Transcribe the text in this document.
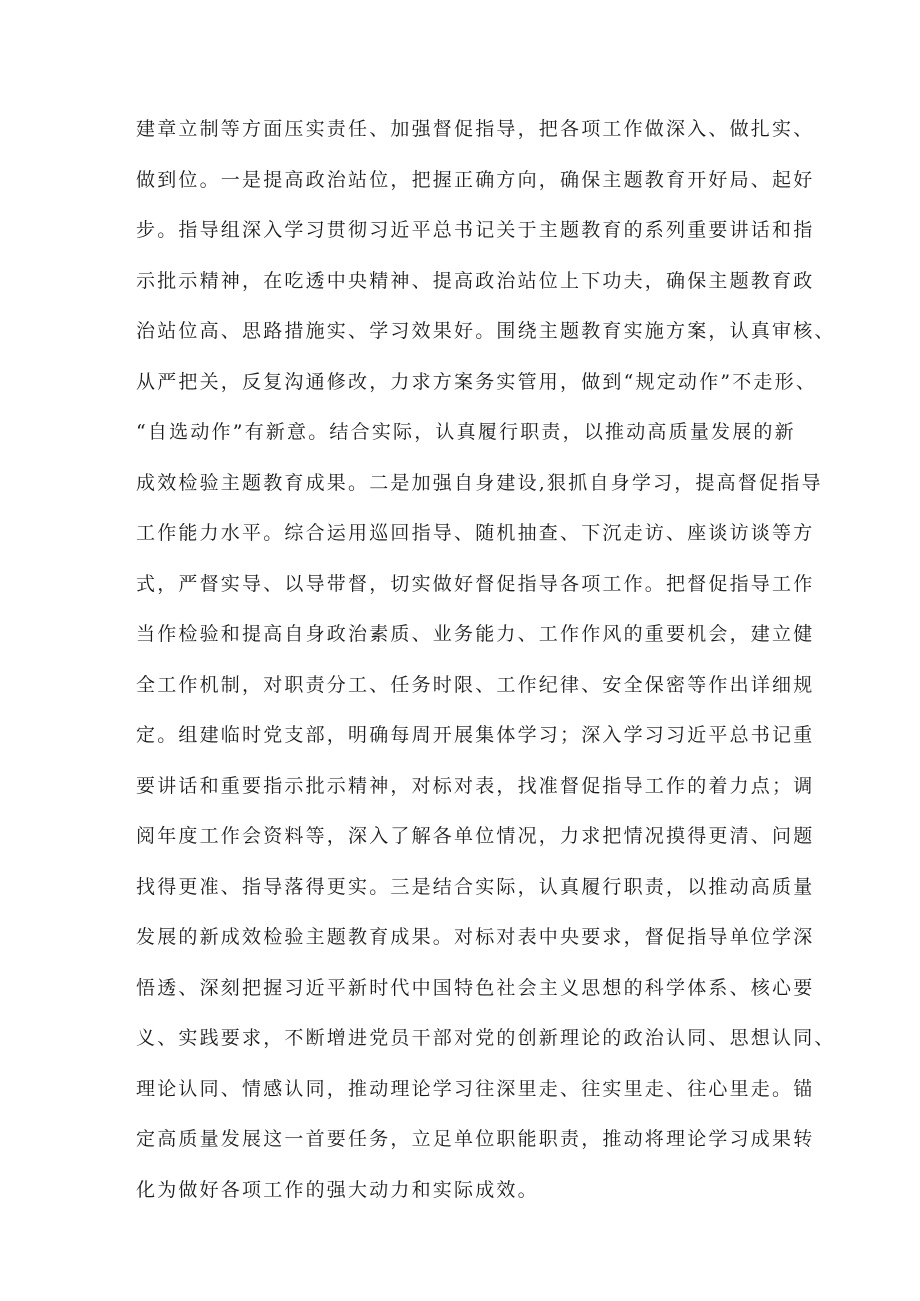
建章立制等方面压实责任、加强督促指导，把各项工作做深入、做扎实、
做到位。一是提高政治站位，把握正确方向，确保主题教育开好局、起好
步。指导组深入学习贯彻习近平总书记关于主题教育的系列重要讲话和指
示批示精神，在吃透中央精神、提高政治站位上下功夫，确保主题教育政
治站位高、思路措施实、学习效果好。围绕主题教育实施方案，认真审核、
从严把关，反复沟通修改，力求方案务实管用，做到“规定动作”不走形、
“自选动作”有新意。结合实际，认真履行职责，以推动高质量发展的新
成效检验主题教育成果。二是加强自身建设,狠抓自身学习，提高督促指导
工作能力水平。综合运用巡回指导、随机抽查、下沉走访、座谈访谈等方
式，严督实导、以导带督，切实做好督促指导各项工作。把督促指导工作
当作检验和提高自身政治素质、业务能力、工作作风的重要机会，建立健
全工作机制，对职责分工、任务时限、工作纪律、安全保密等作出详细规
定。组建临时党支部，明确每周开展集体学习；深入学习习近平总书记重
要讲话和重要指示批示精神，对标对表，找准督促指导工作的着力点；调
阅年度工作会资料等，深入了解各单位情况，力求把情况摸得更清、问题
找得更准、指导落得更实。三是结合实际，认真履行职责，以推动高质量
发展的新成效检验主题教育成果。对标对表中央要求，督促指导单位学深
悟透、深刻把握习近平新时代中国特色社会主义思想的科学体系、核心要
义、实践要求，不断增进党员干部对党的创新理论的政治认同、思想认同、
理论认同、情感认同，推动理论学习往深里走、往实里走、往心里走。锚
定高质量发展这一首要任务，立足单位职能职责，推动将理论学习成果转
化为做好各项工作的强大动力和实际成效。
